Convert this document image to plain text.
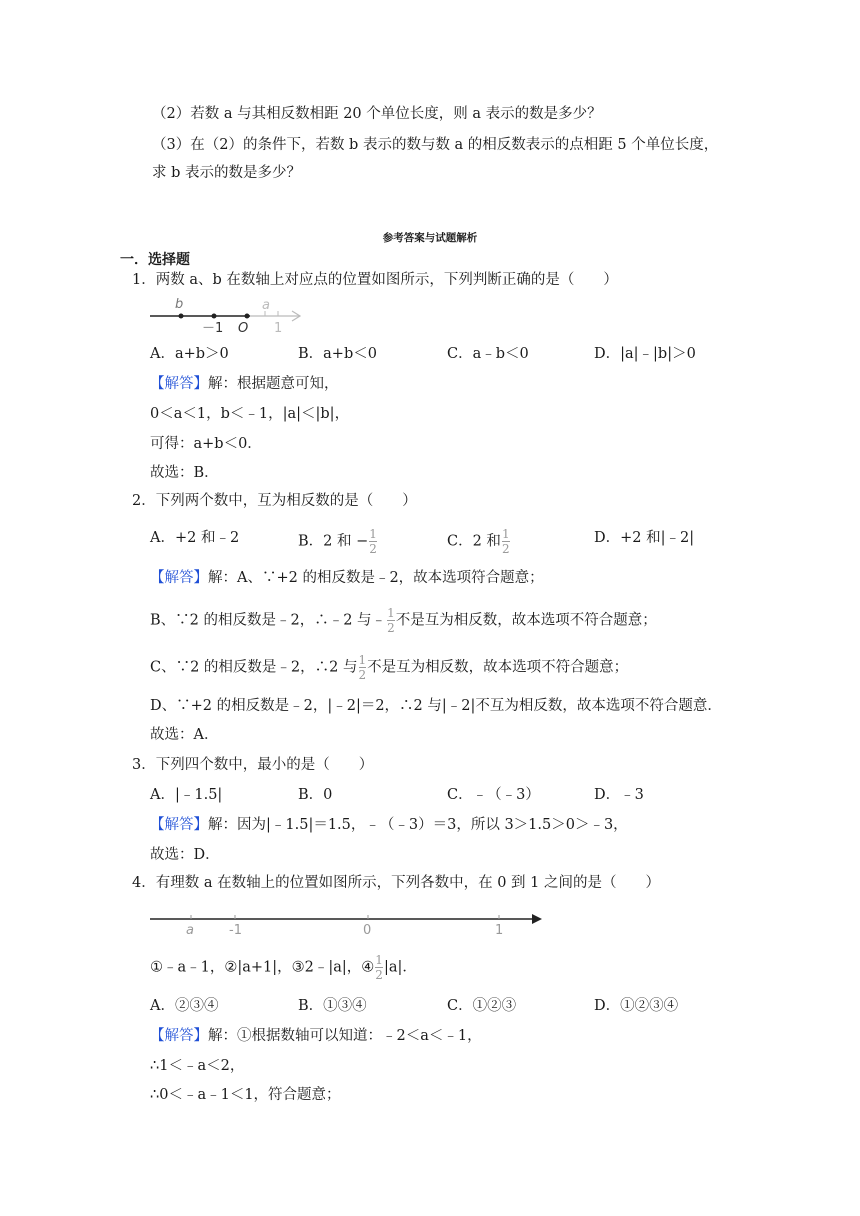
（2）若数 a 与其相反数相距 20 个单位长度，则 a 表示的数是多少？
（3）在（2）的条件下，若数 b 表示的数与数 a 的相反数表示的点相距 5 个单位长度，
求 b 表示的数是多少？
参考答案与试题解析
一．选择题
1．两数 a、b 在数轴上对应点的位置如图所示，下列判断正确的是（　　）
b
－1 O
a
1
A．a+b＞0	B．a+b＜0	C．a﹣b＜0	D．|a|﹣|b|＞0
【解答】解：根据题意可知，
0＜a＜1，b＜﹣1，|a|＜|b|，
可得：a+b＜0．
故选：B．
2．下列两个数中，互为相反数的是（　　）
A．+2 和﹣2	B．2 和 − $\frac{1}{2}$	C．2 和 $\frac{1}{2}$	D．+2 和|﹣2|
【解答】解：A、∵+2 的相反数是﹣2，故本选项符合题意；
B、∵2 的相反数是﹣2，∴﹣2 与﹣ $\frac{1}{2}$ 不是互为相反数，故本选项不符合题意；
C、∵2 的相反数是﹣2，∴2 与 $\frac{1}{2}$ 不是互为相反数，故本选项不符合题意；
D、∵+2 的相反数是﹣2，|﹣2|＝2，∴2 与|﹣2|不互为相反数，故本选项不符合题意．
故选：A．
3．下列四个数中，最小的是（　　）
A．|﹣1.5|	B．0	C．﹣（﹣3）	D．﹣3
【解答】解：因为|﹣1.5|＝1.5，﹣（﹣3）＝3，所以 3＞1.5＞0＞﹣3，
故选：D．
4．有理数 a 在数轴上的位置如图所示，下列各数中，在 0 到 1 之间的是（　　）
a	-1	0	1
①﹣a﹣1，②|a+1|，③2﹣|a|，④ $\frac{1}{2} |a|$．
A．②③④	B．①③④	C．①②③	D．①②③④
【解答】解：①根据数轴可以知道：﹣2＜a＜﹣1，
∴1＜﹣a＜2，
∴0＜﹣a﹣1＜1，符合题意；
